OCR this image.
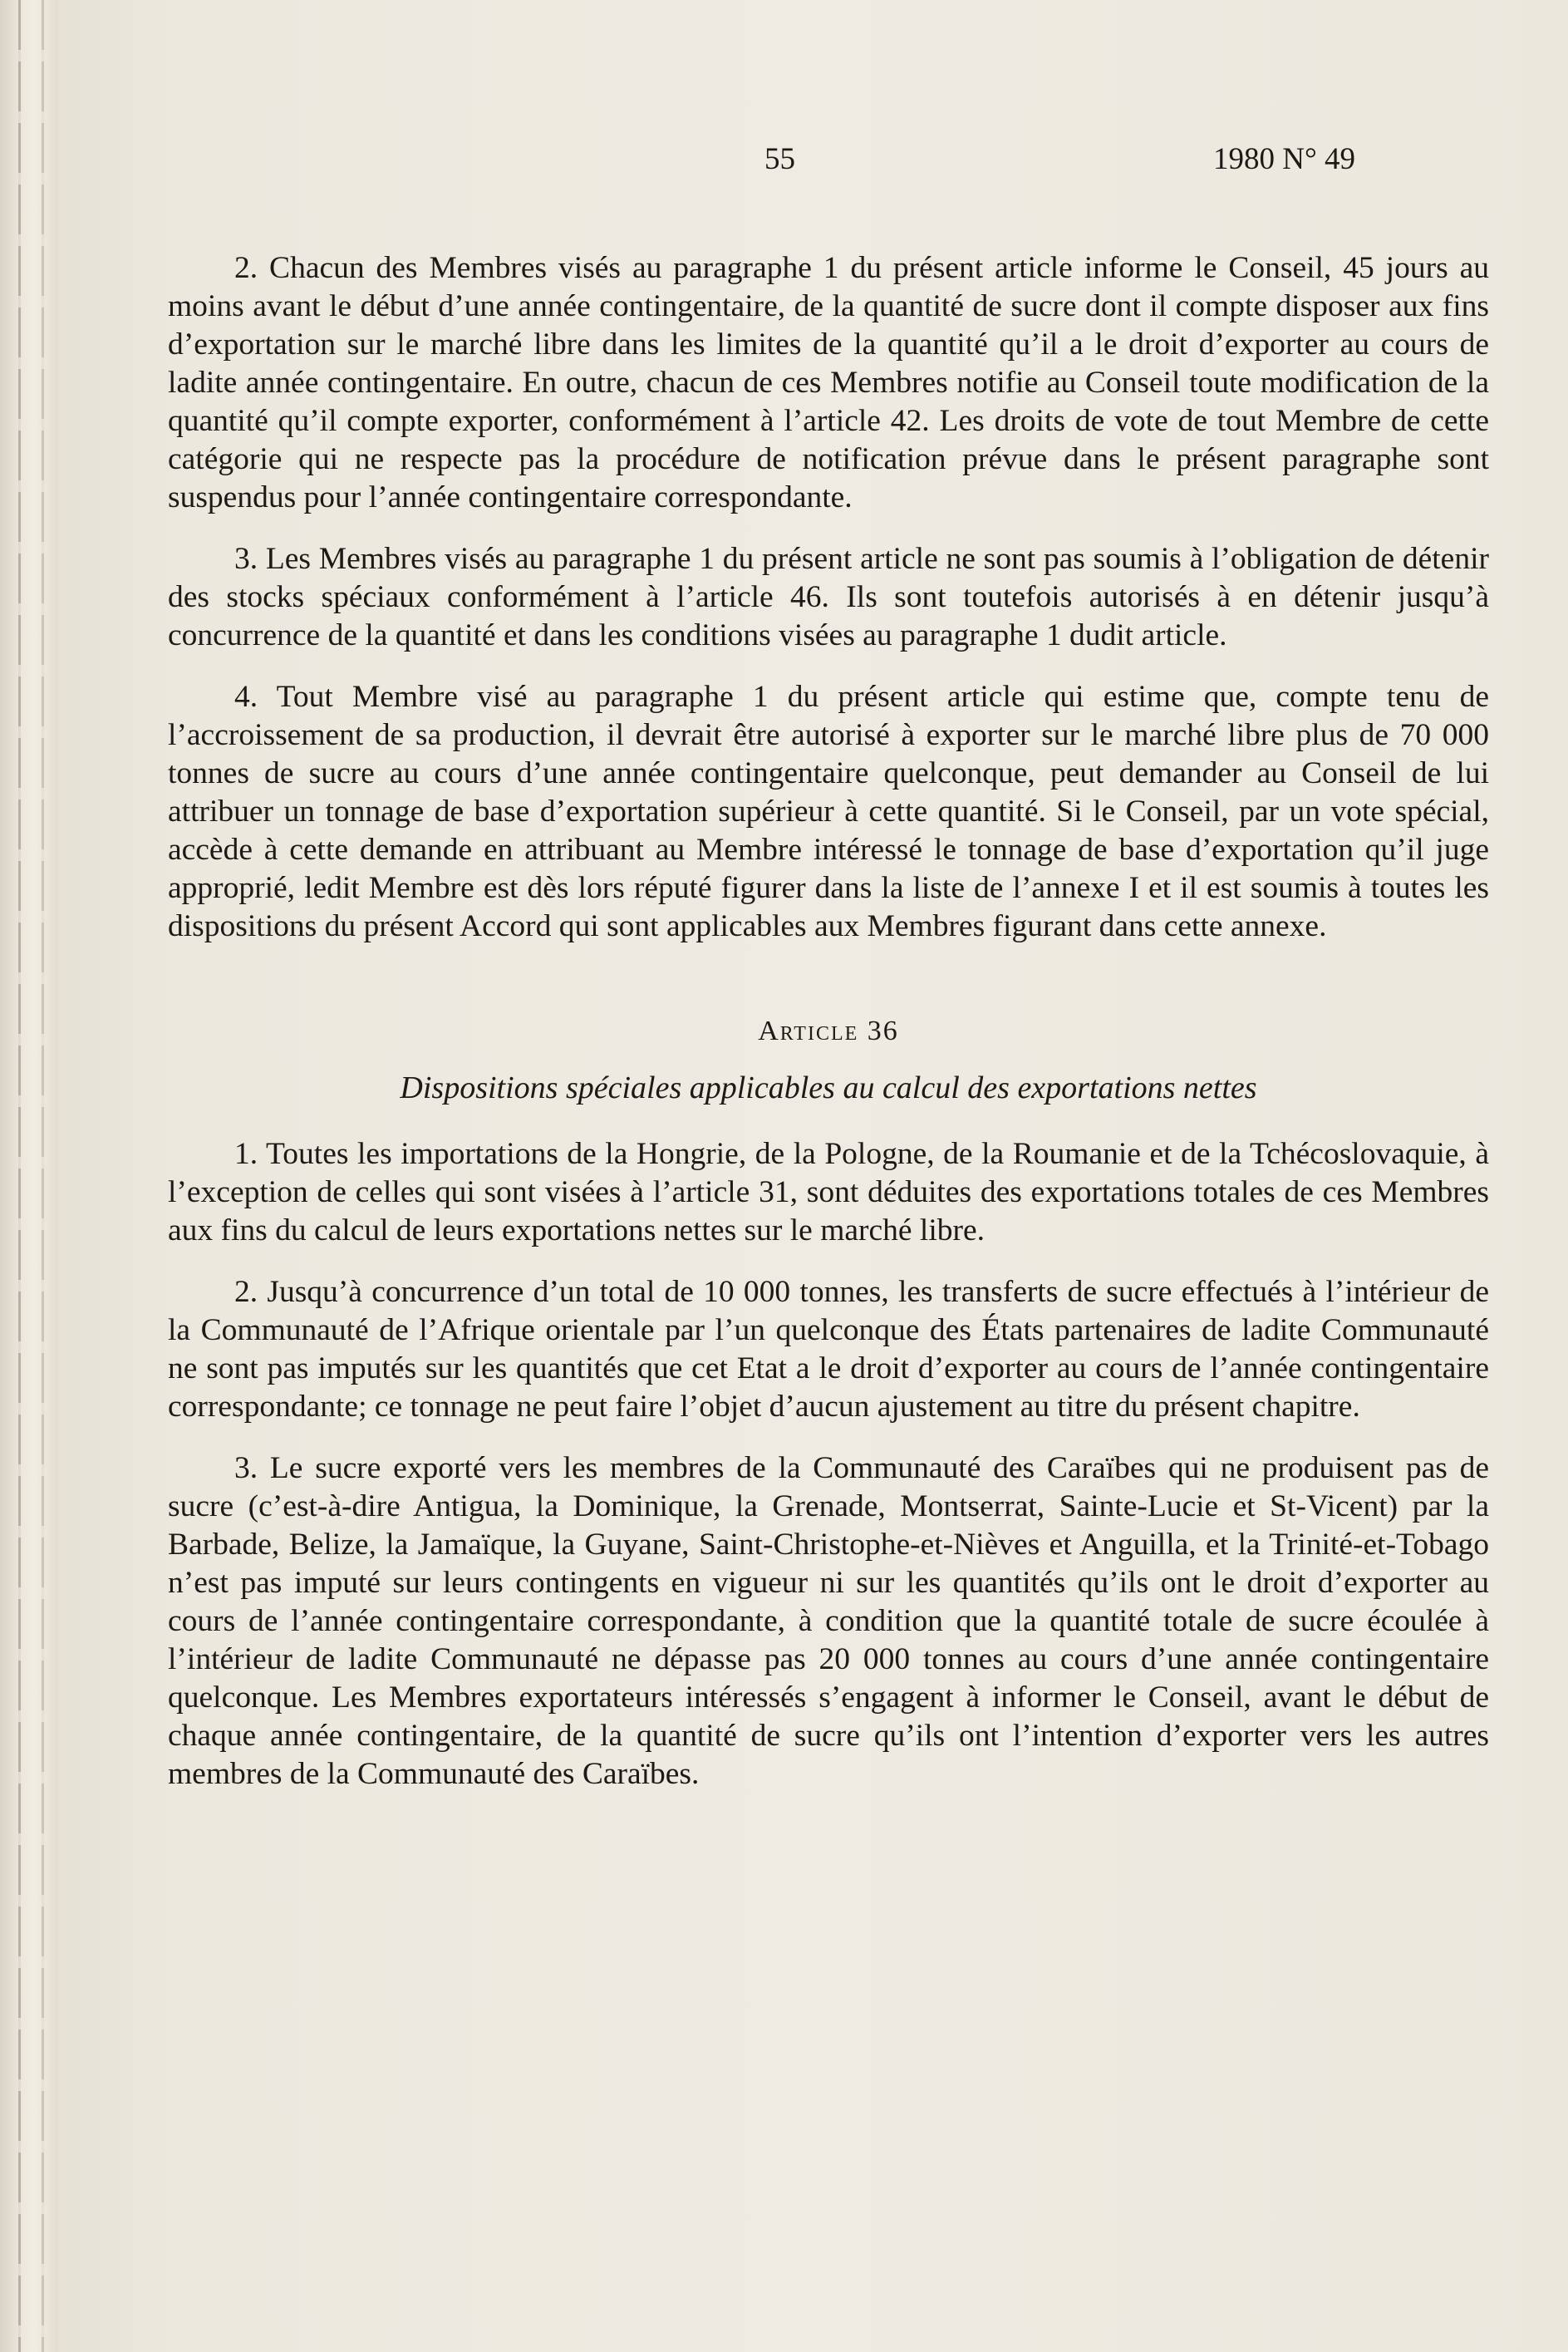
55	1980 N° 49

2. Chacun des Membres visés au paragraphe 1 du présent article informe le Conseil, 45 jours au moins avant le début d’une année contingentaire, de la quantité de sucre dont il compte disposer aux fins d’exportation sur le marché libre dans les limites de la quantité qu’il a le droit d’exporter au cours de ladite année contingentaire. En outre, chacun de ces Membres notifie au Conseil toute modification de la quantité qu’il compte exporter, conformément à l’article 42. Les droits de vote de tout Membre de cette catégorie qui ne respecte pas la procédure de notification prévue dans le présent paragraphe sont suspendus pour l’année contingentaire correspondante.

3. Les Membres visés au paragraphe 1 du présent article ne sont pas soumis à l’obligation de détenir des stocks spéciaux conformément à l’article 46. Ils sont toutefois autorisés à en détenir jusqu’à concurrence de la quantité et dans les conditions visées au paragraphe 1 dudit article.

4. Tout Membre visé au paragraphe 1 du présent article qui estime que, compte tenu de l’accroissement de sa production, il devrait être autorisé à exporter sur le marché libre plus de 70 000 tonnes de sucre au cours d’une année contingentaire quelconque, peut demander au Conseil de lui attribuer un tonnage de base d’exportation supérieur à cette quantité. Si le Conseil, par un vote spécial, accède à cette demande en attribuant au Membre intéressé le tonnage de base d’exportation qu’il juge approprié, ledit Membre est dès lors réputé figurer dans la liste de l’annexe I et il est soumis à toutes les dispositions du présent Accord qui sont applicables aux Membres figurant dans cette annexe.

Article 36
Dispositions spéciales applicables au calcul des exportations nettes

1. Toutes les importations de la Hongrie, de la Pologne, de la Roumanie et de la Tchécoslovaquie, à l’exception de celles qui sont visées à l’article 31, sont déduites des exportations totales de ces Membres aux fins du calcul de leurs exportations nettes sur le marché libre.

2. Jusqu’à concurrence d’un total de 10 000 tonnes, les transferts de sucre effectués à l’intérieur de la Communauté de l’Afrique orientale par l’un quelconque des États partenaires de ladite Communauté ne sont pas imputés sur les quantités que cet Etat a le droit d’exporter au cours de l’année contingentaire correspondante; ce tonnage ne peut faire l’objet d’aucun ajustement au titre du présent chapitre.

3. Le sucre exporté vers les membres de la Communauté des Caraïbes qui ne produisent pas de sucre (c’est-à-dire Antigua, la Dominique, la Grenade, Montserrat, Sainte-Lucie et St-Vicent) par la Barbade, Belize, la Jamaïque, la Guyane, Saint-Christophe-et-Nièves et Anguilla, et la Trinité-et-Tobago n’est pas imputé sur leurs contingents en vigueur ni sur les quantités qu’ils ont le droit d’exporter au cours de l’année contingentaire correspondante, à condition que la quantité totale de sucre écoulée à l’intérieur de ladite Communauté ne dépasse pas 20 000 tonnes au cours d’une année contingentaire quelconque. Les Membres exportateurs intéressés s’engagent à informer le Conseil, avant le début de chaque année contingentaire, de la quantité de sucre qu’ils ont l’intention d’exporter vers les autres membres de la Communauté des Caraïbes.
